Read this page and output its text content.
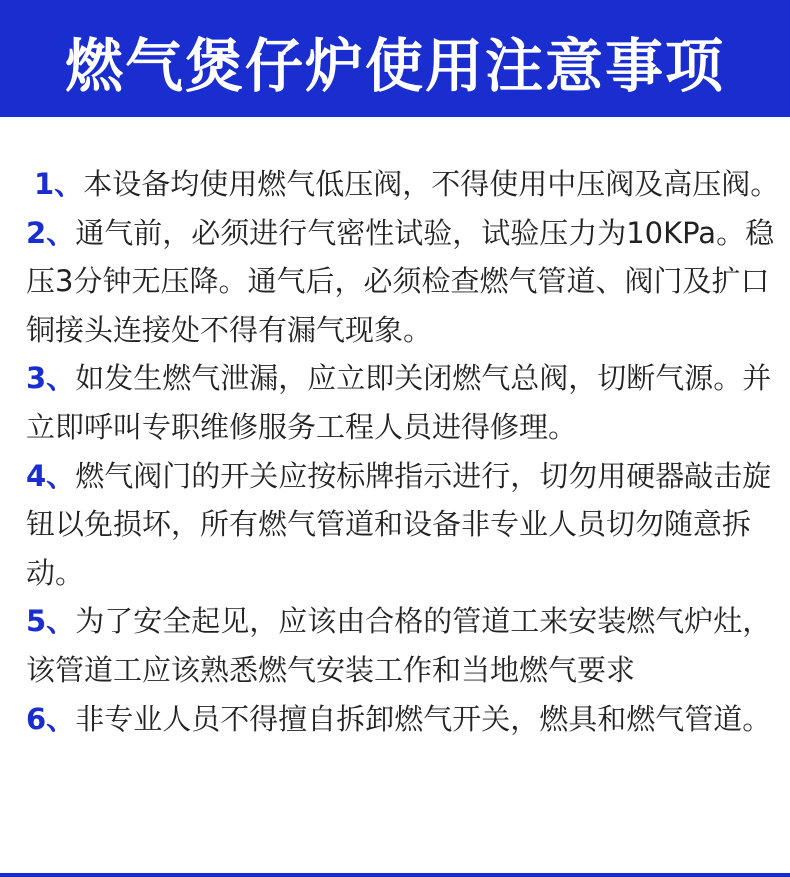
燃气煲仔炉使用注意事项

1、本设备均使用燃气低压阀，不得使用中压阀及高压阀。

2、通气前，必须进行气密性试验，试验压力为10KPa。稳压3分钟无压降。通气后，必须检查燃气管道、阀门及扩口铜接头连接处不得有漏气现象。

3、如发生燃气泄漏，应立即关闭燃气总阀，切断气源。并立即呼叫专职维修服务工程人员进得修理。

4、燃气阀门的开关应按标牌指示进行，切勿用硬器敲击旋钮以免损坏，所有燃气管道和设备非专业人员切勿随意拆动。

5、为了安全起见，应该由合格的管道工来安装燃气炉灶，该管道工应该熟悉燃气安装工作和当地燃气要求

6、非专业人员不得擅自拆卸燃气开关，燃具和燃气管道。
